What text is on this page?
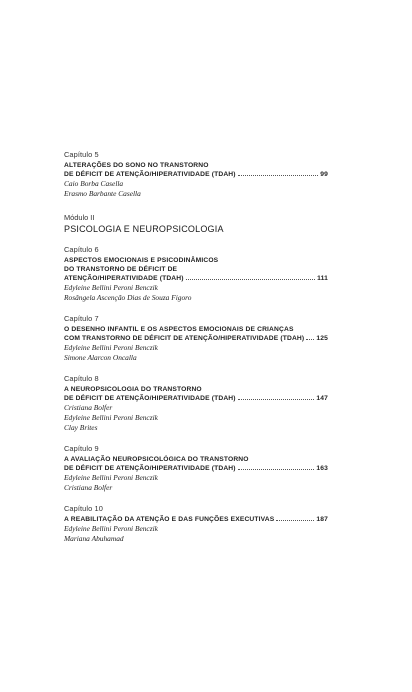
Capítulo 5
ALTERAÇÕES DO SONO NO TRANSTORNO
DE DÉFICIT DE ATENÇÃO/HIPERATIVIDADE (TDAH)	99
Caio Borba Casella
Erasmo Barbante Casella
Módulo II
PSICOLOGIA E NEUROPSICOLOGIA
Capítulo 6
ASPECTOS EMOCIONAIS E PSICODINÂMICOS
DO TRANSTORNO DE DÉFICIT DE
ATENÇÃO/HIPERATIVIDADE (TDAH)	111
Edyleine Bellini Peroni Benczik
Rosângela Ascenção Dias de Souza Figoro
Capítulo 7
O DESENHO INFANTIL E OS ASPECTOS EMOCIONAIS DE CRIANÇAS
COM TRANSTORNO DE DÉFICIT DE ATENÇÃO/HIPERATIVIDADE (TDAH) 125
Edyleine Bellini Peroni Benczik
Simone Alarcon Oncalla
Capítulo 8
A NEUROPSICOLOGIA DO TRANSTORNO
DE DÉFICIT DE ATENÇÃO/HIPERATIVIDADE (TDAH)	147
Cristiana Bolfer
Edyleine Bellini Peroni Benczik
Clay Brites
Capítulo 9
A AVALIAÇÃO NEUROPSICOLÓGICA DO TRANSTORNO
DE DÉFICIT DE ATENÇÃO/HIPERATIVIDADE (TDAH)	163
Edyleine Bellini Peroni Benczik
Cristiana Bolfer
Capítulo 10
A REABILITAÇÃO DA ATENÇÃO E DAS FUNÇÕES EXECUTIVAS	187
Edyleine Bellini Peroni Benczik
Mariana Abuhamad
